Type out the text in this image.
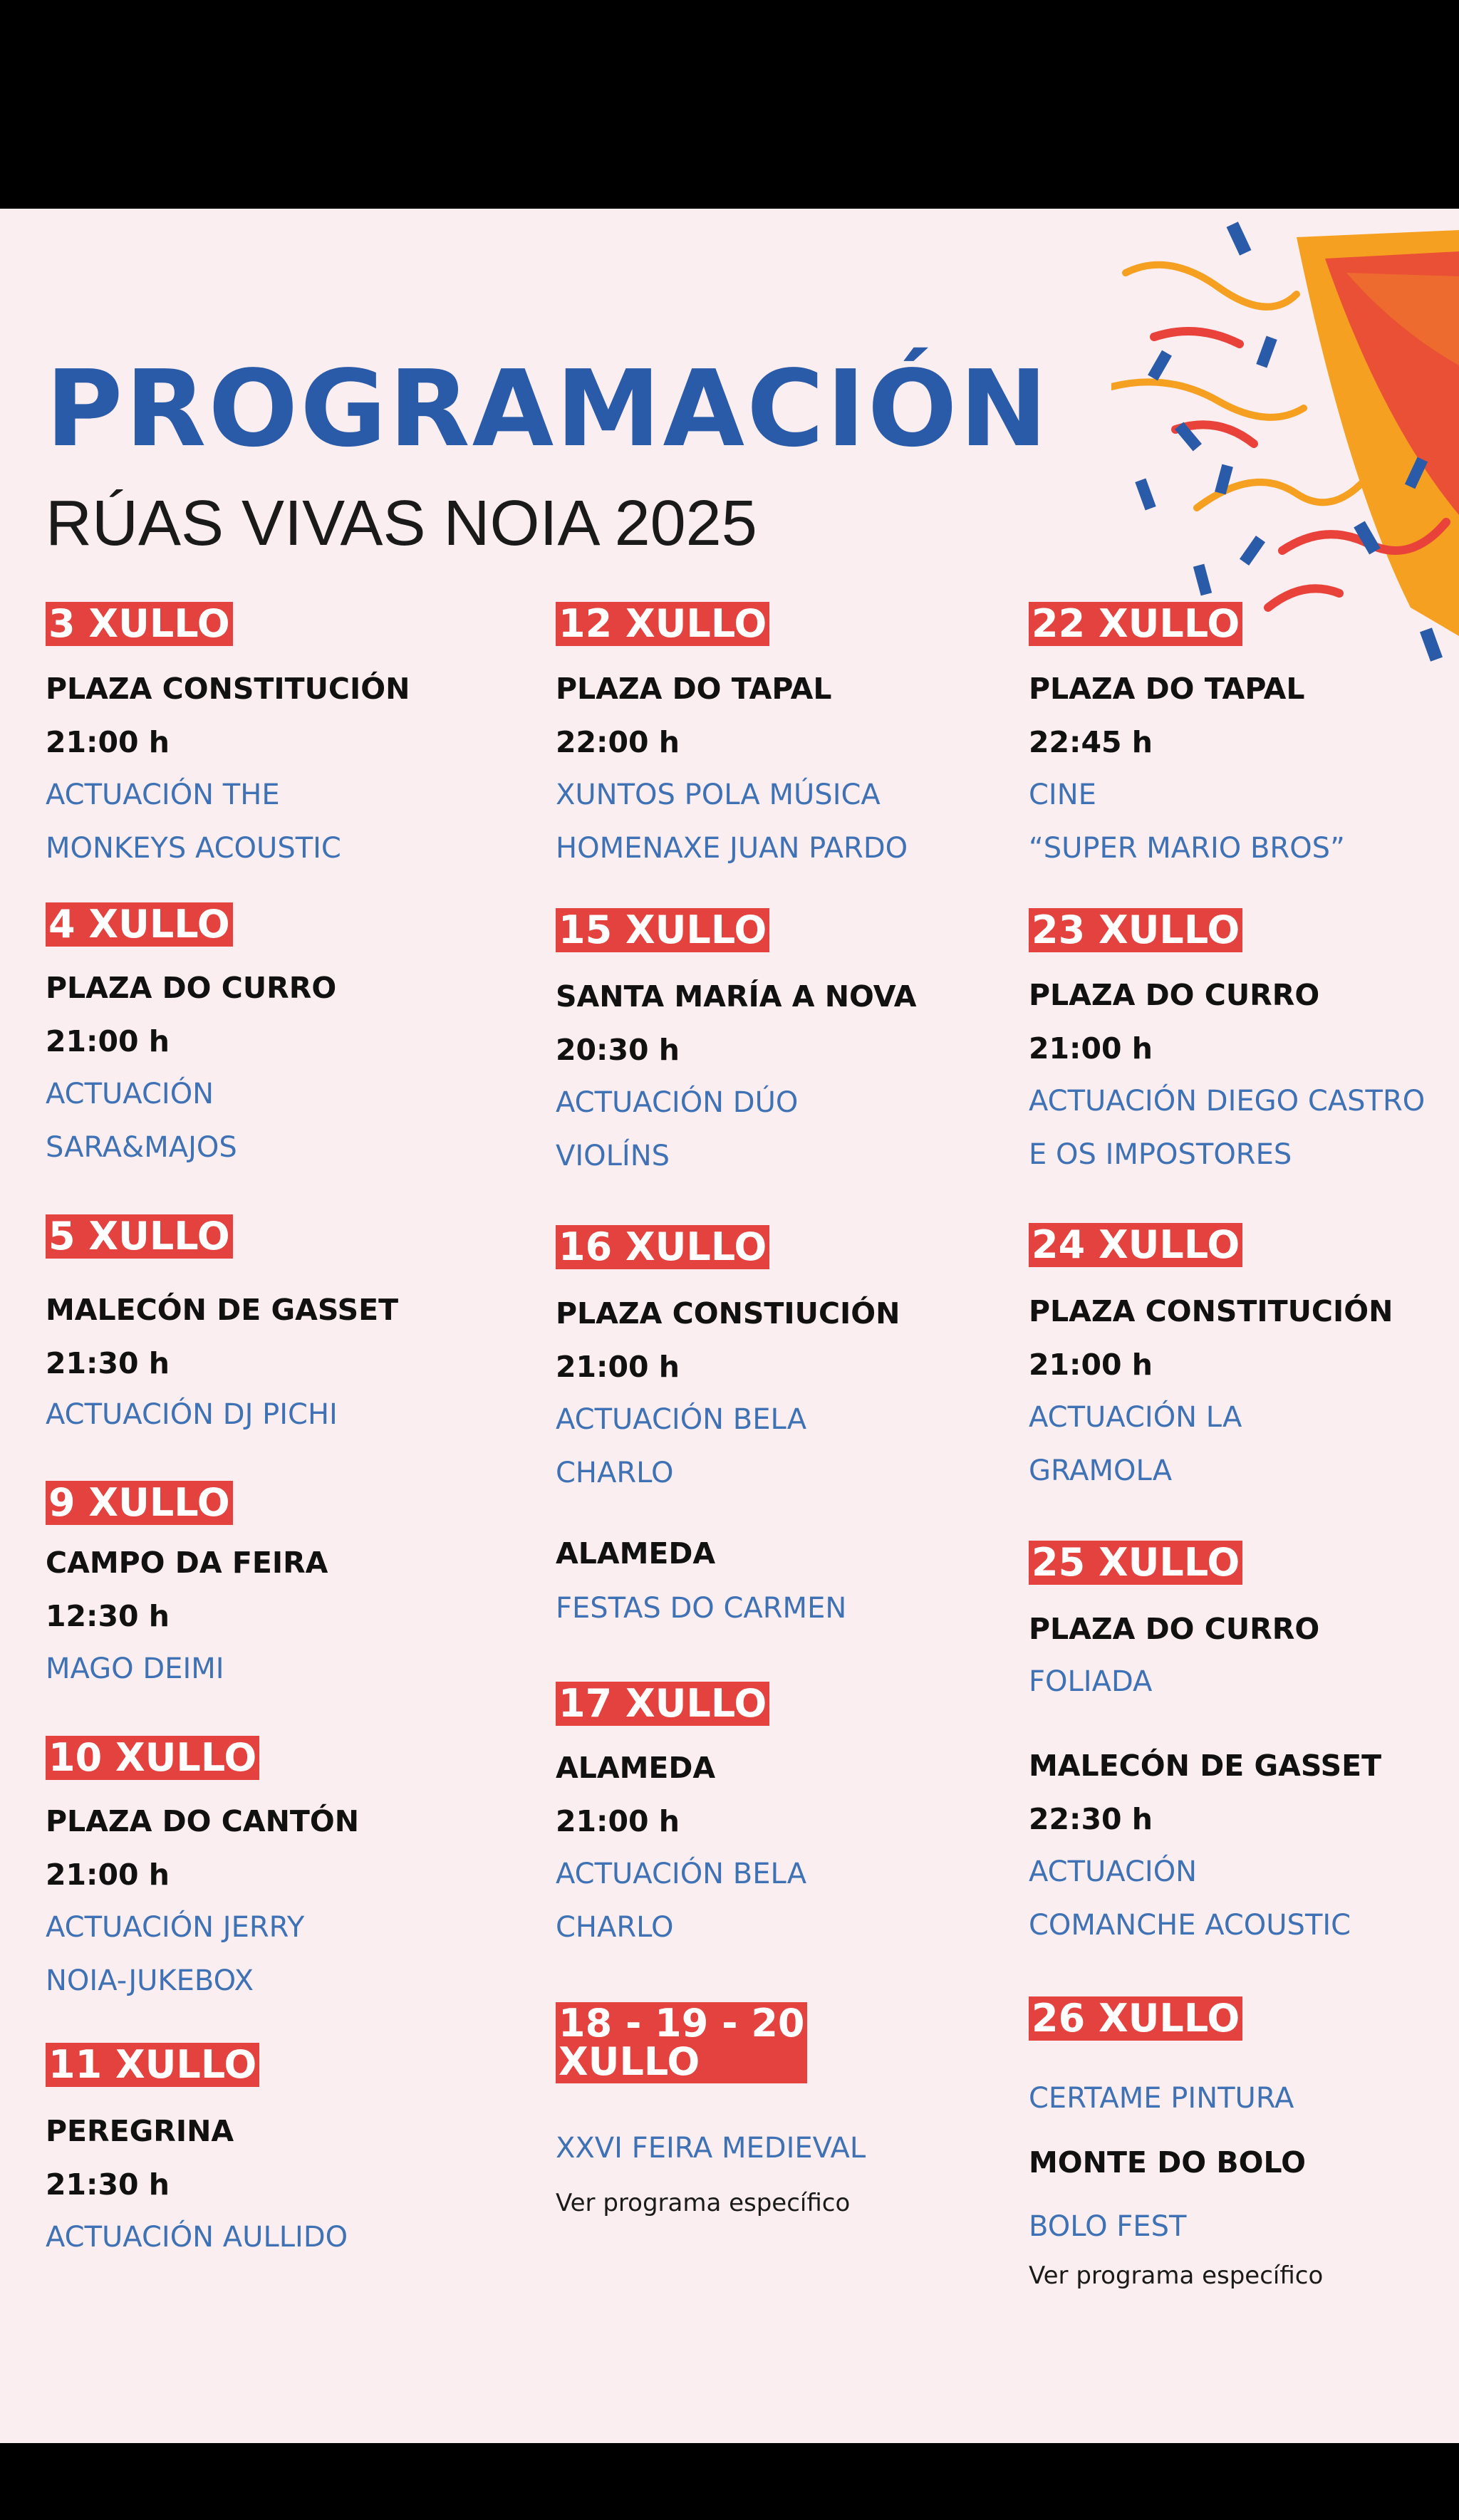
PROGRAMACIÓN

RÚAS VIVAS NOIA 2025

3 XULLO
PLAZA CONSTITUCIÓN
21:00 h
ACTUACIÓN THE
MONKEYS ACOUSTIC
4 XULLO
PLAZA DO CURRO
21:00 h
ACTUACIÓN
SARA&MAJOS
5 XULLO
MALECÓN DE GASSET
21:30 h
ACTUACIÓN DJ PICHI
9 XULLO
CAMPO DA FEIRA
12:30 h
MAGO DEIMI
10 XULLO
PLAZA DO CANTÓN
21:00 h
ACTUACIÓN JERRY
NOIA-JUKEBOX
11 XULLO
PEREGRINA
21:30 h
ACTUACIÓN AULLIDO
12 XULLO
PLAZA DO TAPAL
22:00 h
XUNTOS POLA MÚSICA
HOMENAXE JUAN PARDO
15 XULLO
SANTA MARÍA A NOVA
20:30 h
ACTUACIÓN DÚO
VIOLÍNS
16 XULLO
PLAZA CONSTIUCIÓN
21:00 h
ACTUACIÓN BELA
CHARLO
ALAMEDA
FESTAS DO CARMEN
17 XULLO
ALAMEDA
21:00 h
ACTUACIÓN BELA
CHARLO
18 - 19 - 20
XULLO
XXVI FEIRA MEDIEVAL
Ver programa específico
22 XULLO
PLAZA DO TAPAL
22:45 h
CINE
“SUPER MARIO BROS”
23 XULLO
PLAZA DO CURRO
21:00 h
ACTUACIÓN DIEGO CASTRO
E OS IMPOSTORES
24 XULLO
PLAZA CONSTITUCIÓN
21:00 h
ACTUACIÓN LA
GRAMOLA
25 XULLO
PLAZA DO CURRO
FOLIADA
MALECÓN DE GASSET
22:30 h
ACTUACIÓN
COMANCHE ACOUSTIC
26 XULLO
CERTAME PINTURA
MONTE DO BOLO
BOLO FEST
Ver programa específico
